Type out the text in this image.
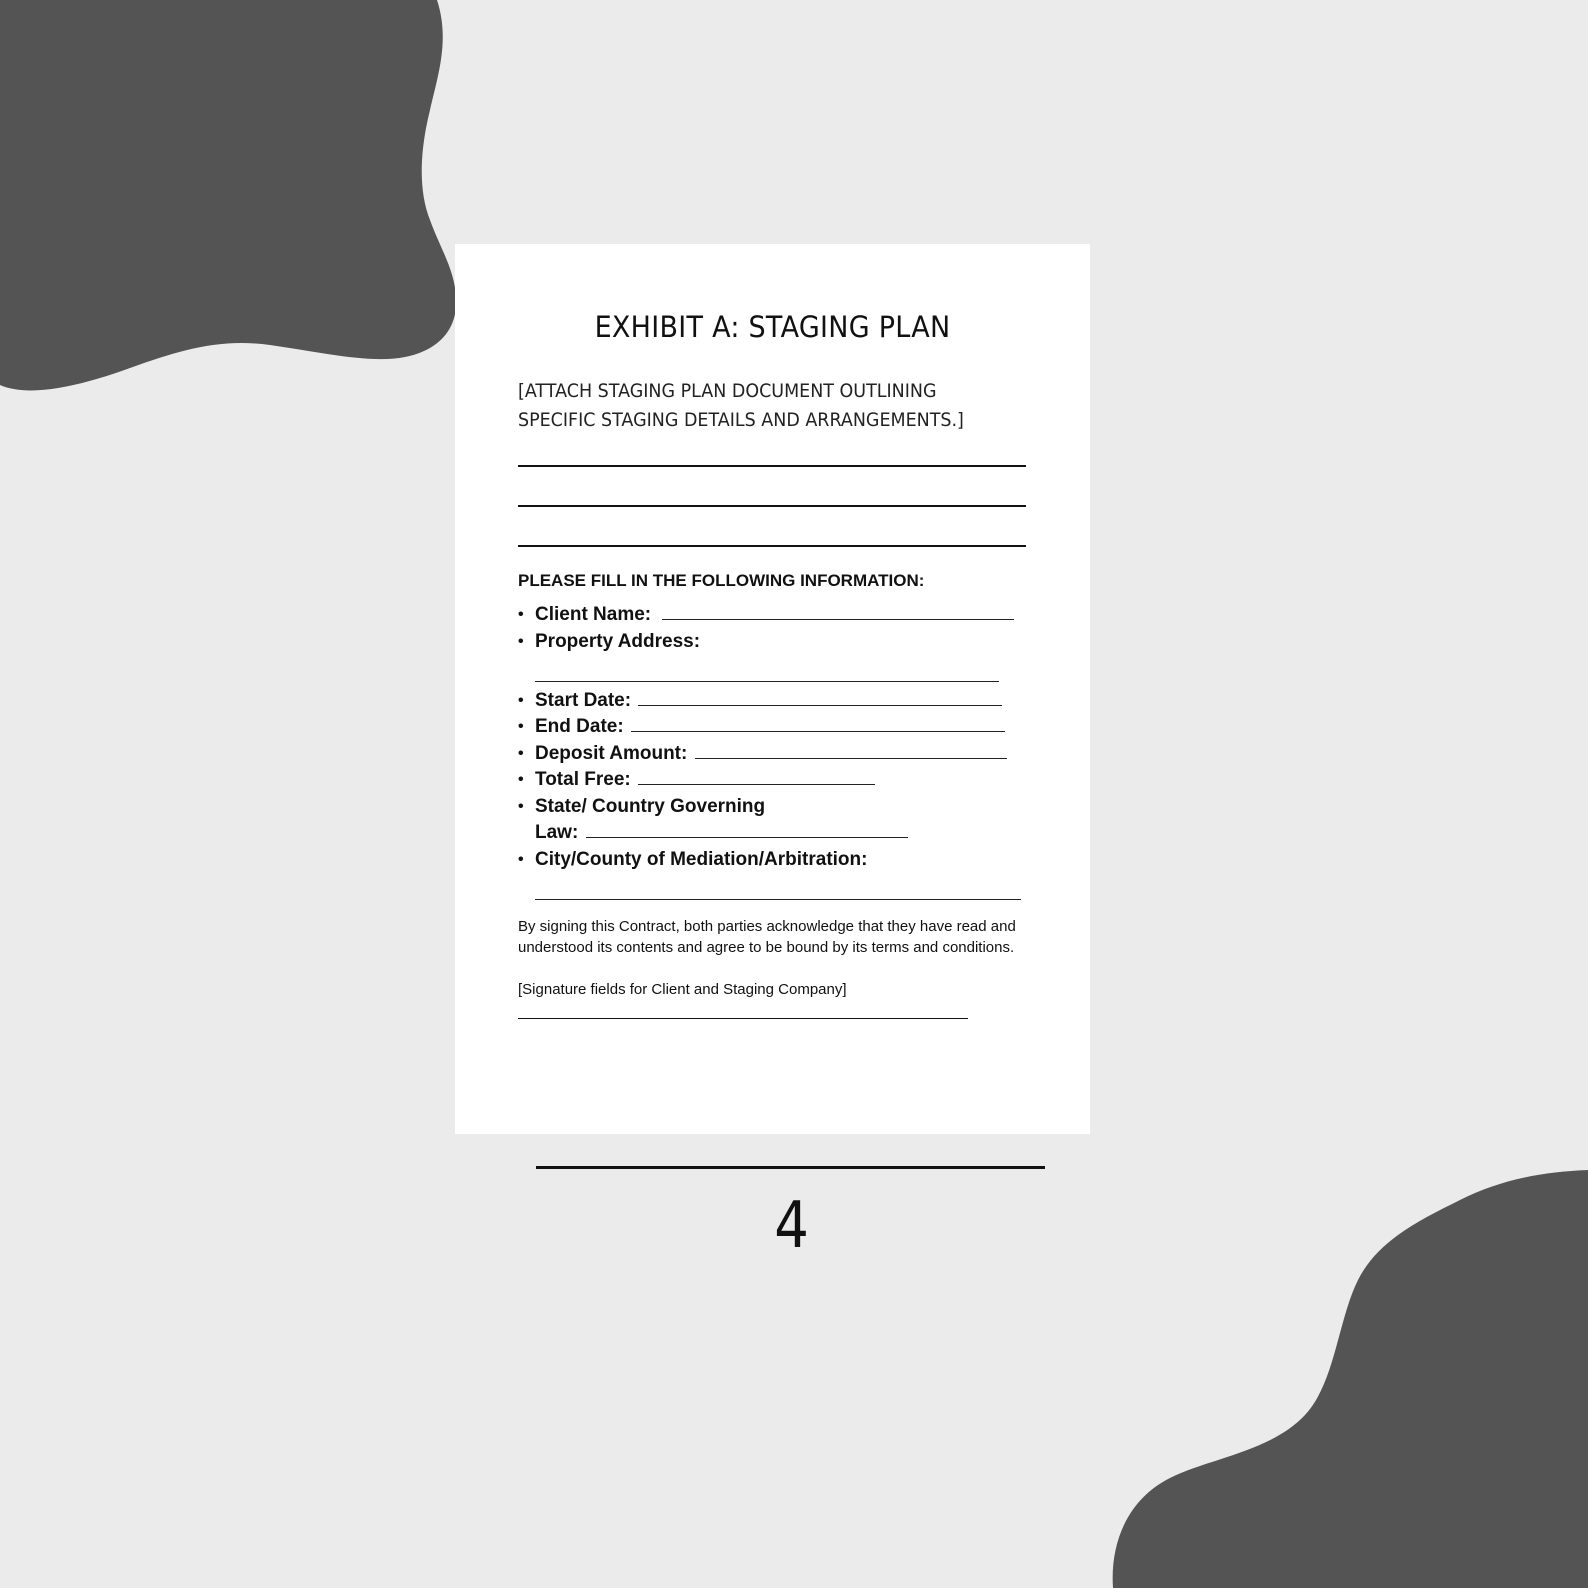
EXHIBIT A: STAGING PLAN

[ATTACH STAGING PLAN DOCUMENT OUTLINING SPECIFIC STAGING DETAILS AND ARRANGEMENTS.]

PLEASE FILL IN THE FOLLOWING INFORMATION:

• Client Name:
• Property Address:
• Start Date:
• End Date:
• Deposit Amount:
• Total Free:
• State/ Country Governing
Law:
• City/County of Mediation/Arbitration:

By signing this Contract, both parties acknowledge that they have read and understood its contents and agree to be bound by its terms and conditions.

[Signature fields for Client and Staging Company]

4
